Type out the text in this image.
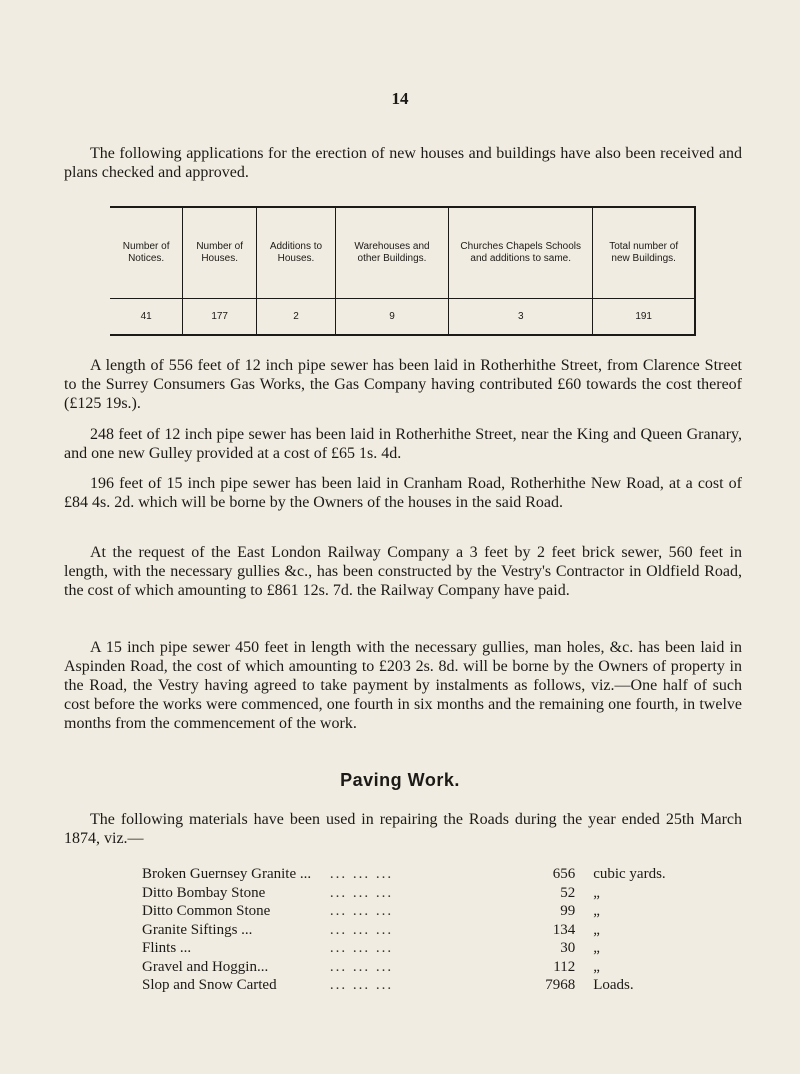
14

The following applications for the erection of new houses and buildings have also been received and plans checked and approved.

Number of Notices.	Number of Houses.	Additions to Houses.	Warehouses and other Buildings.	Churches Chapels Schools and additions to same.	Total number of new Buildings.
41	177	2	9	3	191

A length of 556 feet of 12 inch pipe sewer has been laid in Rotherhithe Street, from Clarence Street to the Surrey Consumers Gas Works, the Gas Company having contributed £60 towards the cost thereof (£125 19s.).

248 feet of 12 inch pipe sewer has been laid in Rotherhithe Street, near the King and Queen Granary, and one new Gulley provided at a cost of £65 1s. 4d.

196 feet of 15 inch pipe sewer has been laid in Cranham Road, Rotherhithe New Road, at a cost of £84 4s. 2d. which will be borne by the Owners of the houses in the said Road.

At the request of the East London Railway Company a 3 feet by 2 feet brick sewer, 560 feet in length, with the necessary gullies &c., has been constructed by the Vestry's Contractor in Oldfield Road, the cost of which amounting to £861 12s. 7d. the Railway Company have paid.

A 15 inch pipe sewer 450 feet in length with the necessary gullies, man holes, &c. has been laid in Aspinden Road, the cost of which amounting to £203 2s. 8d. will be borne by the Owners of property in the Road, the Vestry having agreed to take payment by instalments as follows, viz.—One half of such cost before the works were commenced, one fourth in six months and the remaining one fourth, in twelve months from the commencement of the work.

Paving Work.

The following materials have been used in repairing the Roads during the year ended 25th March 1874, viz.—

Broken Guernsey Granite ...	... ... ...	656	cubic yards.
Ditto Bombay Stone	... ... ...	52	„
Ditto Common Stone	... ... ...	99	„
Granite Siftings ...	... ... ...	134	„
Flints ...	... ... ...	30	„
Gravel and Hoggin...	... ... ...	112	„
Slop and Snow Carted	... ... ...	7968	Loads.
